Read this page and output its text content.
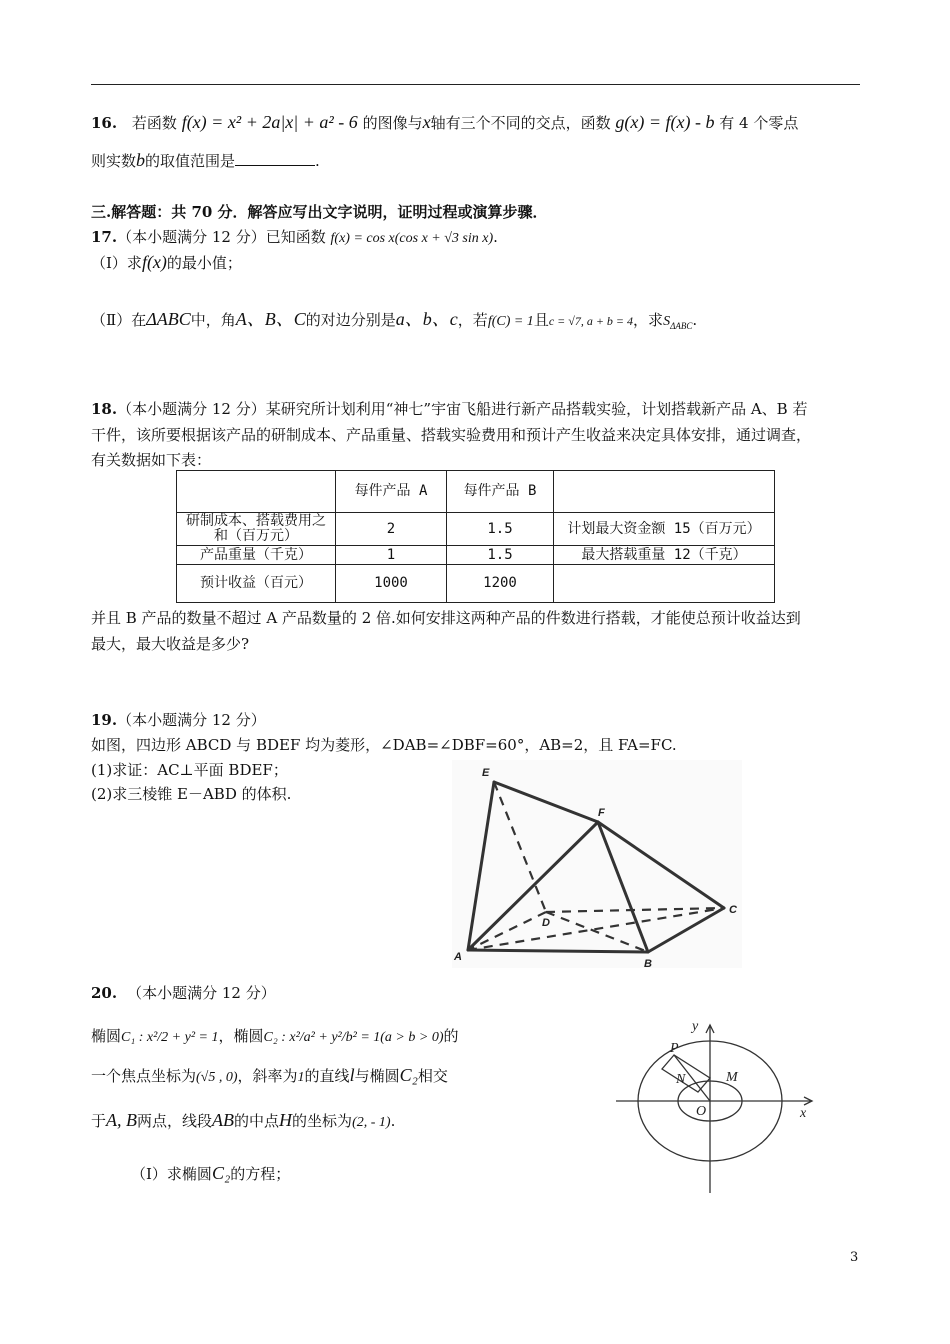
16. 若函数 f(x) = x² + 2a|x| + a² - 6 的图像与x轴有三个不同的交点，函数 g(x) = f(x) - b 有 4 个零点
则实数b的取值范围是	.
三.解答题：共 70 分．解答应写出文字说明，证明过程或演算步骤．
17.（本小题满分 12 分）已知函数 f(x) = cos x(cos x + √3 sin x).
（Ⅰ）求f(x)的最小值；
（Ⅱ）在ΔABC中，角A、B、C的对边分别是a、b、c，若f(C) = 1且c = √7, a + b = 4，求$S_{\Delta ABC}$.
18.（本小题满分 12 分）某研究所计划利用“神七”宇宙飞船进行新产品搭载实验，计划搭载新产品 A、B 若
干件，该所要根据该产品的研制成本、产品重量、搭载实验费用和预计产生收益来决定具体安排，通过调查，
有关数据如下表：
	每件产品 A	每件产品 B	
研制成本、搭载费用之和（百万元）	2	1.5	计划最大资金额 15（百万元）
产品重量（千克）	1	1.5	最大搭载重量 12（千克）
预计收益（百元）	1000	1200	
并且 B 产品的数量不超过 A 产品数量的 2 倍.如何安排这两种产品的件数进行搭载，才能使总预计收益达到
最大，最大收益是多少?
19.（本小题满分 12 分）
如图，四边形 ABCD 与 BDEF 均为菱形，∠DAB=∠DBF=60°，AB=2，且 FA=FC.
(1)求证：AC⊥平面 BDEF；
(2)求三棱锥 E－ABD 的体积.
E
F
D
C
A
B
20. （本小题满分 12 分）
椭圆C₁ : x²/2 + y² = 1，椭圆C₂ : x²/a² + y²/b² = 1(a > b > 0)的
一个焦点坐标为(√5 , 0)，斜率为1的直线l与椭圆C₂相交
于A, B两点，线段AB的中点H的坐标为(2, - 1).
（Ⅰ）求椭圆C₂的方程；
y
x
P
N	M
O
3
